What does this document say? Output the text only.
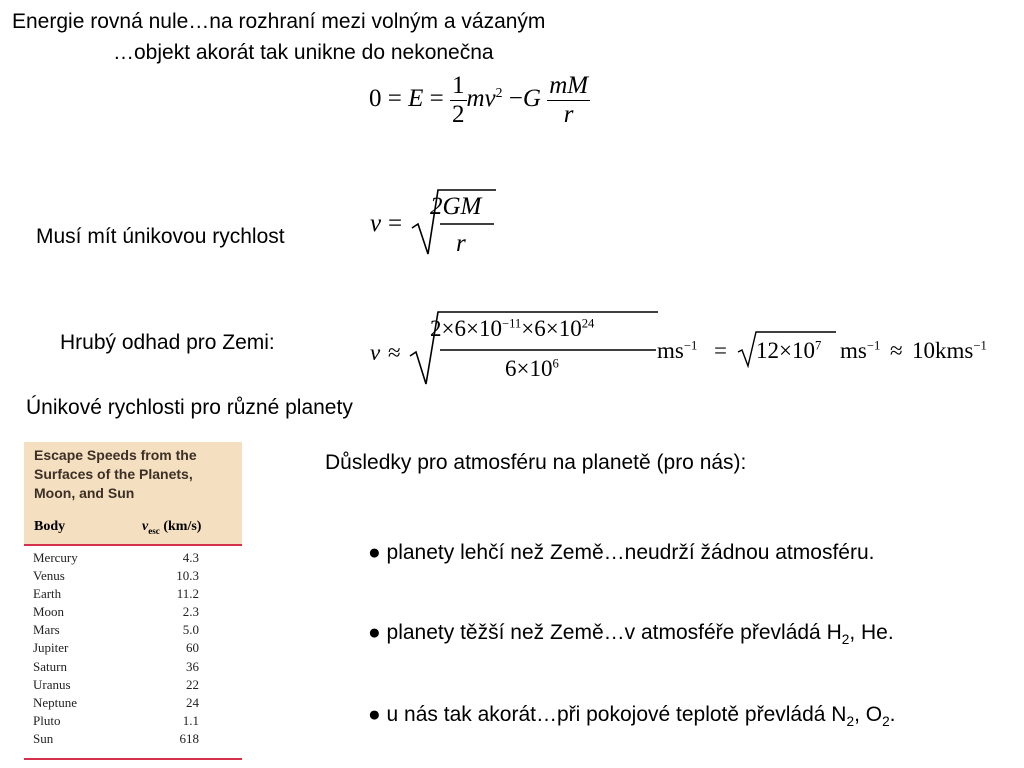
Energie rovná nule…na rozhraní mezi volným a vázaným
…objekt akorát tak unikne do nekonečna
$0 = E = \frac{1}{2} mv^2 -G \frac{mM}{r}$
Musí mít únikovou rychlost	v =
2GM
r
Hrubý odhad pro Zemi:	v ≈
$2\times 6\times 10^{-11}\times 6\times 10^{24}$
$6\times 10^6$
$ms^{-1} = 12\times 10^7$ $ms^{-1} \approx 10kms^{-1}$
Únikové rychlosti pro různé planety
Escape Speeds from the Surfaces of the Planets, Moon, and Sun
Body	$v_{esc}$ (km/s)
Mercury	4.3
Venus	10.3
Earth	11.2
Moon	2.3
Mars	5.0
Jupiter	60
Saturn	36
Uranus	22
Neptune	24
Pluto	1.1
Sun	618
Důsledky pro atmosféru na planetě (pro nás):
● planety lehčí než Země…neudrží žádnou atmosféru.
● planety těžší než Země…v atmosféře převládá $H_2$, He.
● u nás tak akorát…při pokojové teplotě převládá $N_2$, $O_2$.
